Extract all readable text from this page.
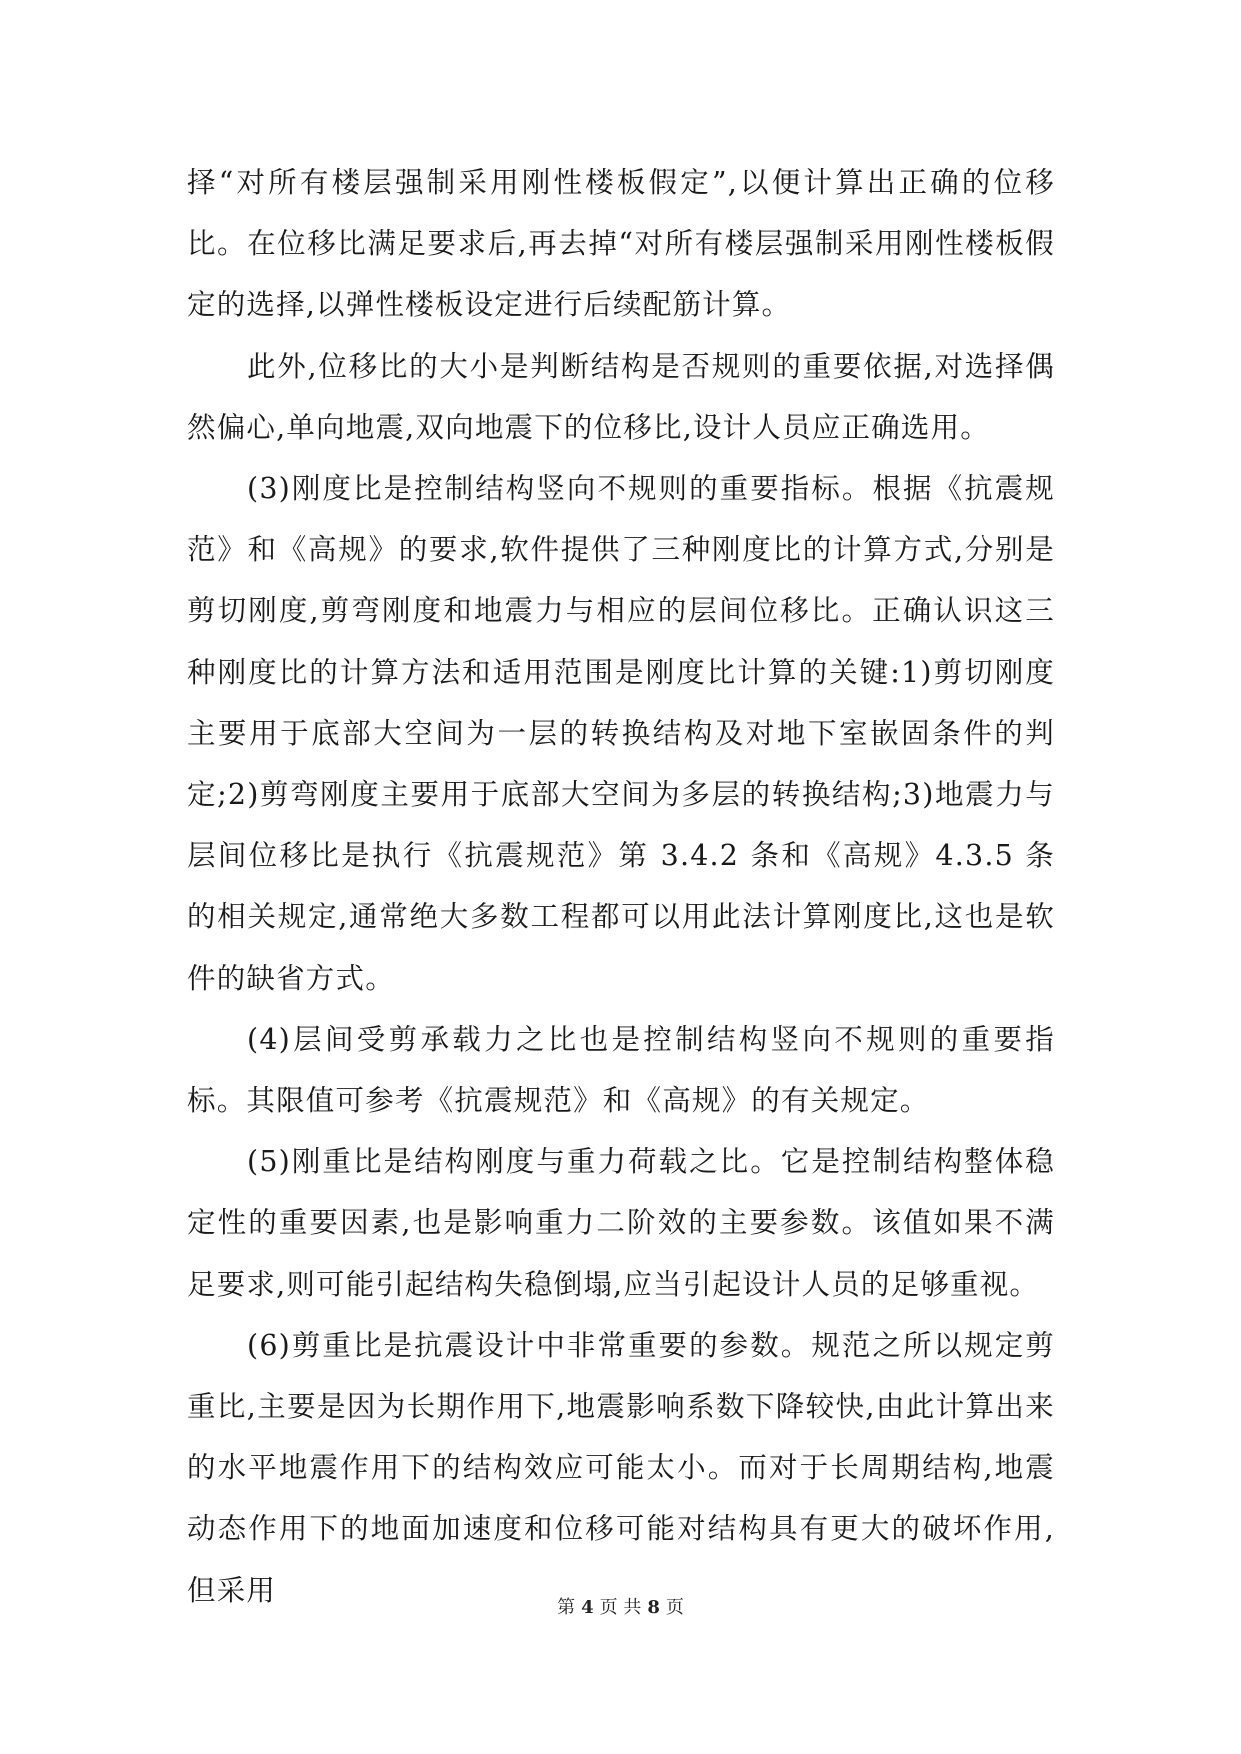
择“对所有楼层强制采用刚性楼板假定”,以便计算出正确的位移比。在位移比满足要求后,再去掉“对所有楼层强制采用刚性楼板假定的选择,以弹性楼板设定进行后续配筋计算。

此外,位移比的大小是判断结构是否规则的重要依据,对选择偶然偏心,单向地震,双向地震下的位移比,设计人员应正确选用。

(3)刚度比是控制结构竖向不规则的重要指标。根据《抗震规范》和《高规》的要求,软件提供了三种刚度比的计算方式,分别是剪切刚度,剪弯刚度和地震力与相应的层间位移比。正确认识这三种刚度比的计算方法和适用范围是刚度比计算的关键:1)剪切刚度主要用于底部大空间为一层的转换结构及对地下室嵌固条件的判定;2)剪弯刚度主要用于底部大空间为多层的转换结构;3)地震力与层间位移比是执行《抗震规范》第 3.4.2 条和《高规》4.3.5 条的相关规定,通常绝大多数工程都可以用此法计算刚度比,这也是软件的缺省方式。

(4)层间受剪承载力之比也是控制结构竖向不规则的重要指标。其限值可参考《抗震规范》和《高规》的有关规定。

(5)刚重比是结构刚度与重力荷载之比。它是控制结构整体稳定性的重要因素,也是影响重力二阶效的主要参数。该值如果不满足要求,则可能引起结构失稳倒塌,应当引起设计人员的足够重视。

(6)剪重比是抗震设计中非常重要的参数。规范之所以规定剪重比,主要是因为长期作用下,地震影响系数下降较快,由此计算出来的水平地震作用下的结构效应可能太小。而对于长周期结构,地震动态作用下的地面加速度和位移可能对结构具有更大的破坏作用,但采用

第 4 页 共 8 页
